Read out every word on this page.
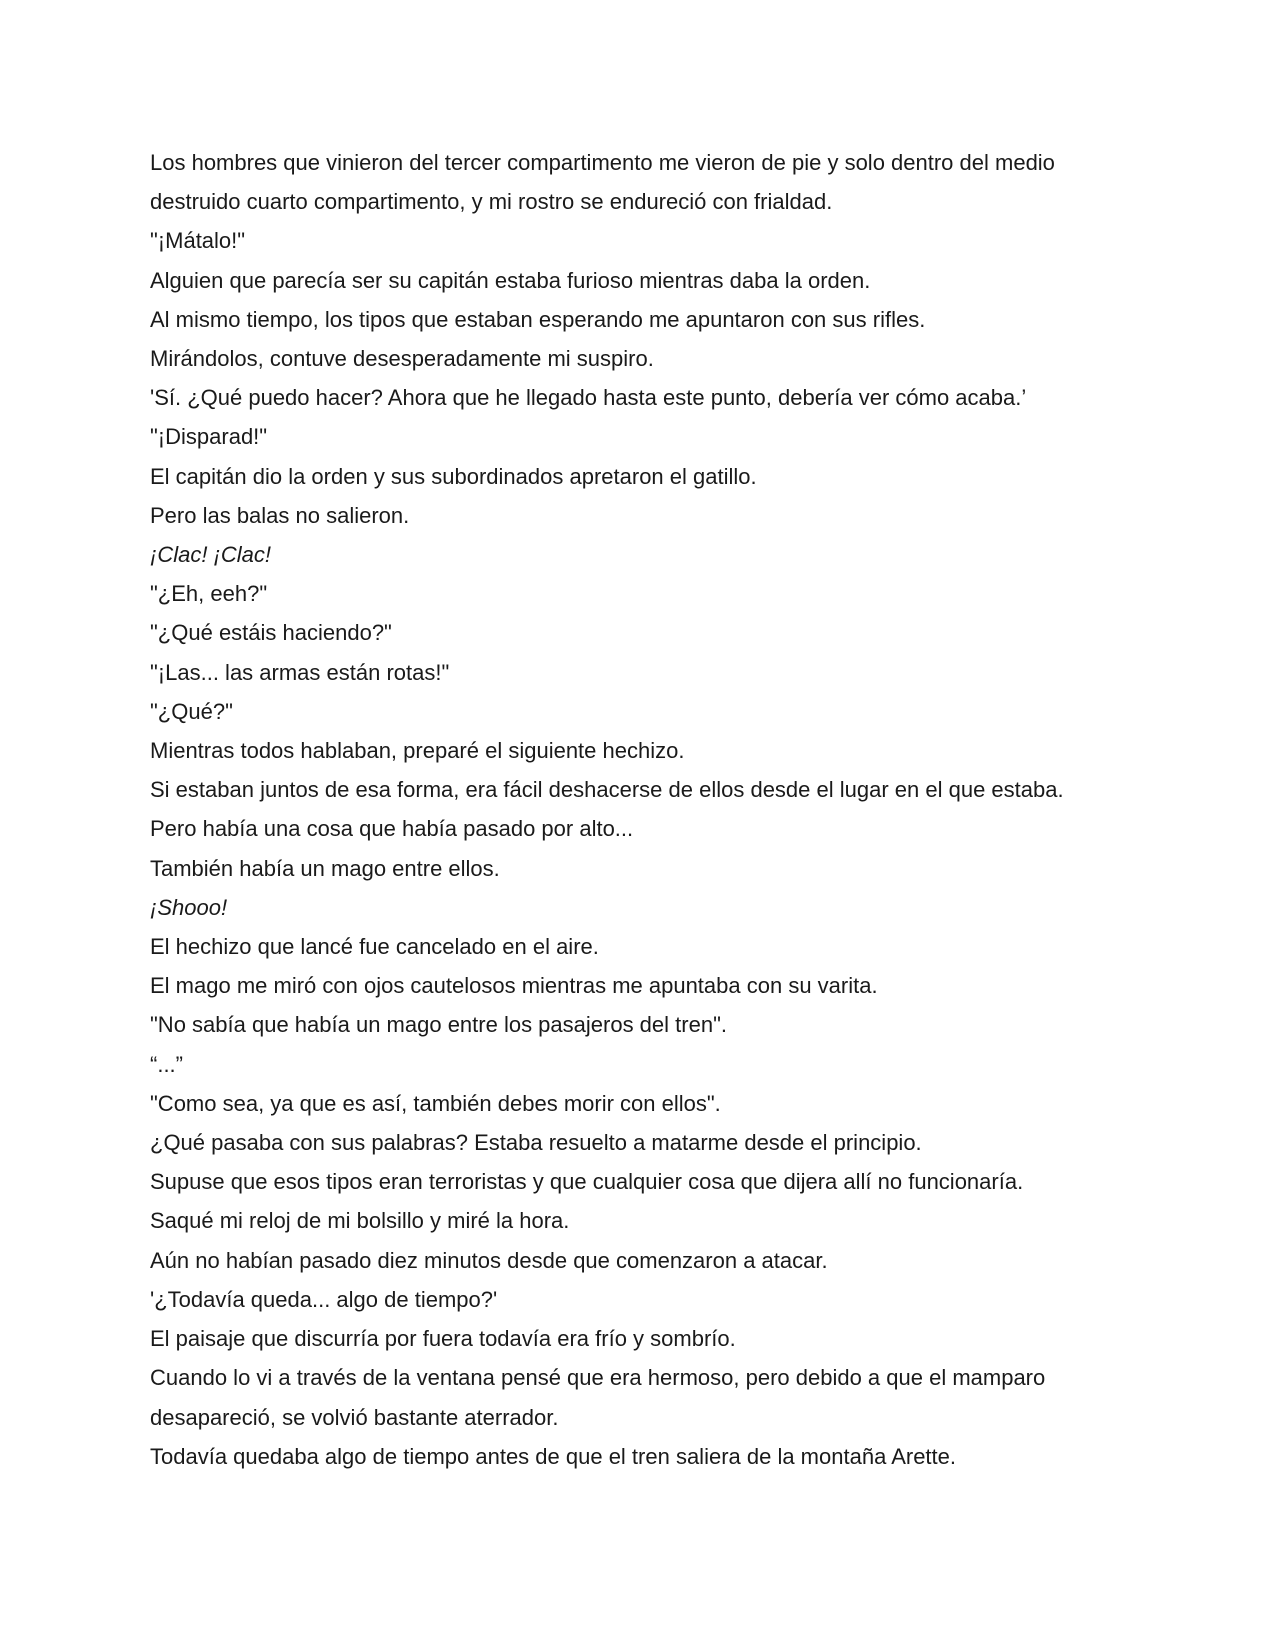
Los hombres que vinieron del tercer compartimento me vieron de pie y solo dentro del medio
destruido cuarto compartimento, y mi rostro se endureció con frialdad.
"¡Mátalo!"
Alguien que parecía ser su capitán estaba furioso mientras daba la orden.
Al mismo tiempo, los tipos que estaban esperando me apuntaron con sus rifles.
Mirándolos, contuve desesperadamente mi suspiro.
'Sí. ¿Qué puedo hacer? Ahora que he llegado hasta este punto, debería ver cómo acaba.’
"¡Disparad!"
El capitán dio la orden y sus subordinados apretaron el gatillo.
Pero las balas no salieron.
¡Clac! ¡Clac!
"¿Eh, eeh?"
"¿Qué estáis haciendo?"
"¡Las... las armas están rotas!"
"¿Qué?"
Mientras todos hablaban, preparé el siguiente hechizo.
Si estaban juntos de esa forma, era fácil deshacerse de ellos desde el lugar en el que estaba.
Pero había una cosa que había pasado por alto...
También había un mago entre ellos.
¡Shooo!
El hechizo que lancé fue cancelado en el aire.
El mago me miró con ojos cautelosos mientras me apuntaba con su varita.
"No sabía que había un mago entre los pasajeros del tren".
“...”
"Como sea, ya que es así, también debes morir con ellos".
¿Qué pasaba con sus palabras? Estaba resuelto a matarme desde el principio.
Supuse que esos tipos eran terroristas y que cualquier cosa que dijera allí no funcionaría.
Saqué mi reloj de mi bolsillo y miré la hora.
Aún no habían pasado diez minutos desde que comenzaron a atacar.
'¿Todavía queda... algo de tiempo?'
El paisaje que discurría por fuera todavía era frío y sombrío.
Cuando lo vi a través de la ventana pensé que era hermoso, pero debido a que el mamparo
desapareció, se volvió bastante aterrador.
Todavía quedaba algo de tiempo antes de que el tren saliera de la montaña Arette.
